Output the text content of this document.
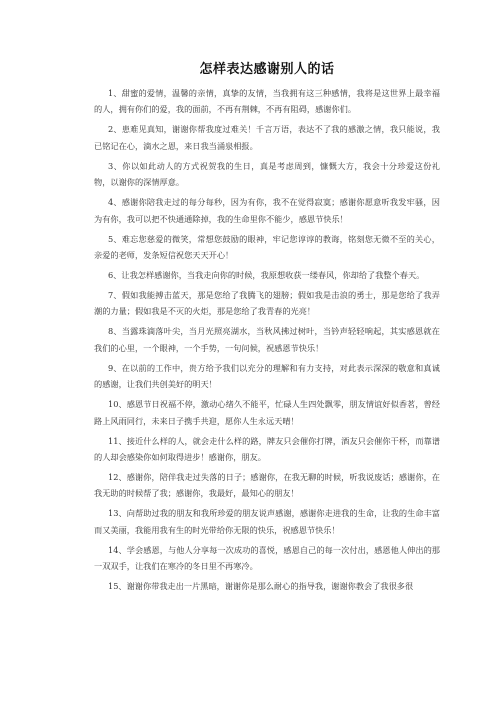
怎样表达感谢别人的话

1、甜蜜的爱情，温馨的亲情，真挚的友情，当我拥有这三种感情，我将是这世界上最幸福的人，拥有你们的爱，我的面前，不再有荆棘，不再有阻碍，感谢你们。

2、患难见真知，谢谢你帮我度过难关！千言万语，表达不了我的感激之情，我只能说，我已铭记在心，滴水之恩，来日我当涌泉相报。

3、你以如此动人的方式祝贺我的生日，真是考虑周到，慷慨大方，我会十分珍爱这份礼物，以谢你的深情厚意。

4、感谢你陪我走过的每分每秒，因为有你，我不在觉得寂寞；感谢你愿意听我发牢骚，因为有你，我可以把不快通通除掉，我的生命里你不能少，感恩节快乐！

5、难忘您慈爱的微笑，常想您鼓励的眼神，牢记您谆谆的教诲，铭刻您无微不至的关心，亲爱的老师，发条短信祝您天天开心！

6、让我怎样感谢你，当我走向你的时候，我原想收获一缕春风，你却给了我整个春天。

7、假如我能搏击蓝天，那是您给了我腾飞的翅膀；假如我是击浪的勇士，那是您给了我弄潮的力量；假如我是不灭的火炬，那是您给了我青春的光亮！

8、当露珠滴落叶尖，当月光照亮湖水，当秋风拂过树叶，当钤声轻轻响起，其实感恩就在我们的心里，一个眼神，一个手势，一句问候，祝感恩节快乐！

9、在以前的工作中，贵方给予我们以充分的理解和有力支持，对此表示深深的敬意和真诚的感谢，让我们共创美好的明天！

10、感恩节日祝福不停，激动心绪久不能平，忙碌人生四处飘零，朋友情谊好似香茗，曾经路上风雨同行，未来日子携手共迎，愿你人生永远天晴！

11、接近什么样的人，就会走什么样的路，牌友只会催你打牌，酒友只会催你干杯，而靠谱的人却会感染你如何取得进步！感谢你，朋友。

12、感谢你，陪伴我走过失落的日子；感谢你，在我无聊的时候，听我说废话；感谢你，在我无助的时候帮了我；感谢你，我最好，最知心的朋友！

13、向帮助过我的朋友和我所珍爱的朋友说声感谢，感谢你走进我的生命，让我的生命丰富而又美丽，我能用我有生的时光带给你无限的快乐，祝感恩节快乐！

14、学会感恩，与他人分享每一次成功的喜悦，感恩自己的每一次付出，感恩他人伸出的那一双双手，让我们在寒冷的冬日里不再寒冷。

15、谢谢你带我走出一片黑暗，谢谢你是那么耐心的指导我，谢谢你教会了我很多很
